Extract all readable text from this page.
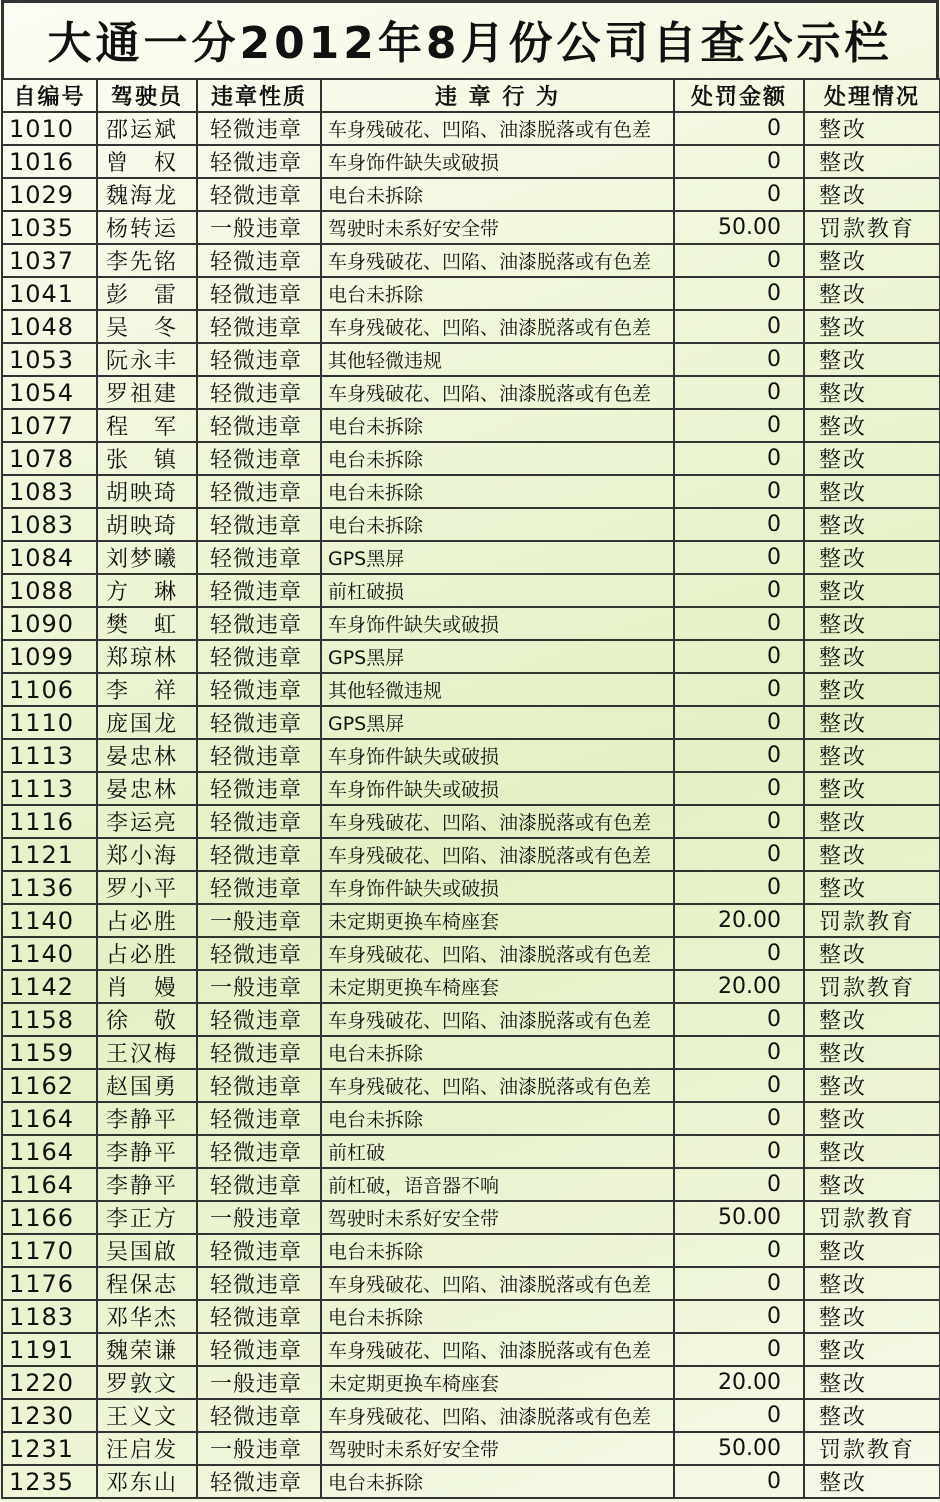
大通一分2012年8月份公司自查公示栏
自编号	驾驶员	违章性质	违 章 行 为	处罚金额	处理情况
1010	邵运斌	轻微违章	车身残破花、凹陷、油漆脱落或有色差	0	整改
1016	曾　权	轻微违章	车身饰件缺失或破损	0	整改
1029	魏海龙	轻微违章	电台未拆除	0	整改
1035	杨转运	一般违章	驾驶时未系好安全带	50.00	罚款教育
1037	李先铭	轻微违章	车身残破花、凹陷、油漆脱落或有色差	0	整改
1041	彭　雷	轻微违章	电台未拆除	0	整改
1048	吴　冬	轻微违章	车身残破花、凹陷、油漆脱落或有色差	0	整改
1053	阮永丰	轻微违章	其他轻微违规	0	整改
1054	罗祖建	轻微违章	车身残破花、凹陷、油漆脱落或有色差	0	整改
1077	程　军	轻微违章	电台未拆除	0	整改
1078	张　镇	轻微违章	电台未拆除	0	整改
1083	胡映琦	轻微违章	电台未拆除	0	整改
1083	胡映琦	轻微违章	电台未拆除	0	整改
1084	刘梦曦	轻微违章	GPS黑屏	0	整改
1088	方　琳	轻微违章	前杠破损	0	整改
1090	樊　虹	轻微违章	车身饰件缺失或破损	0	整改
1099	郑琼林	轻微违章	GPS黑屏	0	整改
1106	李　祥	轻微违章	其他轻微违规	0	整改
1110	庞国龙	轻微违章	GPS黑屏	0	整改
1113	晏忠林	轻微违章	车身饰件缺失或破损	0	整改
1113	晏忠林	轻微违章	车身饰件缺失或破损	0	整改
1116	李运亮	轻微违章	车身残破花、凹陷、油漆脱落或有色差	0	整改
1121	郑小海	轻微违章	车身残破花、凹陷、油漆脱落或有色差	0	整改
1136	罗小平	轻微违章	车身饰件缺失或破损	0	整改
1140	占必胜	一般违章	未定期更换车椅座套	20.00	罚款教育
1140	占必胜	轻微违章	车身残破花、凹陷、油漆脱落或有色差	0	整改
1142	肖　嫚	一般违章	未定期更换车椅座套	20.00	罚款教育
1158	徐　敬	轻微违章	车身残破花、凹陷、油漆脱落或有色差	0	整改
1159	王汉梅	轻微违章	电台未拆除	0	整改
1162	赵国勇	轻微违章	车身残破花、凹陷、油漆脱落或有色差	0	整改
1164	李静平	轻微违章	电台未拆除	0	整改
1164	李静平	轻微违章	前杠破	0	整改
1164	李静平	轻微违章	前杠破，语音器不响	0	整改
1166	李正方	一般违章	驾驶时未系好安全带	50.00	罚款教育
1170	吴国啟	轻微违章	电台未拆除	0	整改
1176	程保志	轻微违章	车身残破花、凹陷、油漆脱落或有色差	0	整改
1183	邓华杰	轻微违章	电台未拆除	0	整改
1191	魏荣谦	轻微违章	车身残破花、凹陷、油漆脱落或有色差	0	整改
1220	罗敦文	一般违章	未定期更换车椅座套	20.00	整改
1230	王义文	轻微违章	车身残破花、凹陷、油漆脱落或有色差	0	整改
1231	汪启发	一般违章	驾驶时未系好安全带	50.00	罚款教育
1235	邓东山	轻微违章	电台未拆除	0	整改
